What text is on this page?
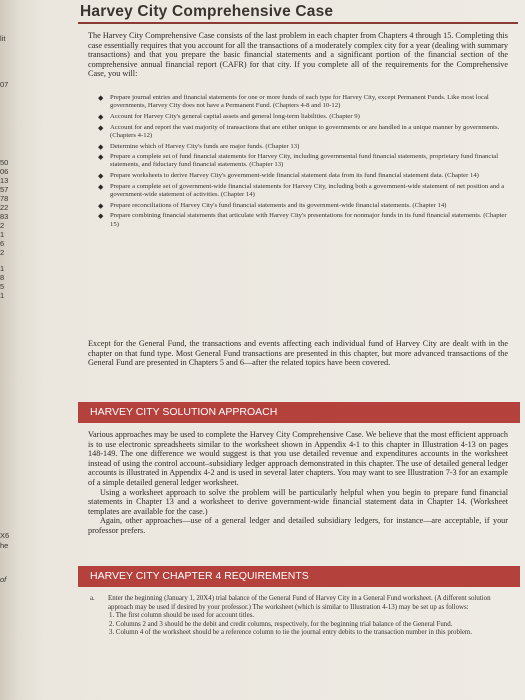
lit
07
50
06
13
57
78
22
83
2
1
6
2
1
8
5
1
X6
he
of
Harvey City Comprehensive Case
The Harvey City Comprehensive Case consists of the last problem in each chapter from Chapters 4 through 15. Completing this case essentially requires that you account for all the transactions of a moderately complex city for a year (dealing with summary transactions) and that you prepare the basic financial statements and a significant portion of the financial section of the comprehensive annual financial report (CAFR) for that city. If you complete all of the requirements for the Comprehensive Case, you will:
◆ Prepare journal entries and financial statements for one or more funds of each type for Harvey City, except Permanent Funds. Like most local governments, Harvey City does not have a Permanent Fund. (Chapters 4-8 and 10-12)
◆ Account for Harvey City's general capital assets and general long-term liabilities. (Chapter 9)
◆ Account for and report the vast majority of transactions that are either unique to governments or are handled in a unique manner by governments. (Chapters 4-12)
◆ Determine which of Harvey City's funds are major funds. (Chapter 13)
◆ Prepare a complete set of fund financial statements for Harvey City, including governmental fund financial statements, proprietary fund financial statements, and fiduciary fund financial statements. (Chapter 13)
◆ Prepare worksheets to derive Harvey City's government-wide financial statement data from its fund financial statement data. (Chapter 14)
◆ Prepare a complete set of government-wide financial statements for Harvey City, including both a government-wide statement of net position and a government-wide statement of activities. (Chapter 14)
◆ Prepare reconciliations of Harvey City's fund financial statements and its government-wide financial statements. (Chapter 14)
◆ Prepare combining financial statements that articulate with Harvey City's presentations for nonmajor funds in its fund financial statements. (Chapter 15)
Except for the General Fund, the transactions and events affecting each individual fund of Harvey City are dealt with in the chapter on that fund type. Most General Fund transactions are presented in this chapter, but more advanced transactions of the General Fund are presented in Chapters 5 and 6—after the related topics have been covered.
HARVEY CITY SOLUTION APPROACH

Various approaches may be used to complete the Harvey City Comprehensive Case. We believe that the most efficient approach is to use electronic spreadsheets similar to the worksheet shown in Appendix 4-1 to this chapter in Illustration 4-13 on pages 148-149. The one difference we would suggest is that you use detailed revenue and expenditures accounts in the worksheet instead of using the control account–subsidiary ledger approach demonstrated in this chapter. The use of detailed general ledger accounts is illustrated in Appendix 4-2 and is used in several later chapters. You may want to see Illustration 7-3 for an example of a simple detailed general ledger worksheet.

Using a worksheet approach to solve the problem will be particularly helpful when you begin to prepare fund financial statements in Chapter 13 and a worksheet to derive government-wide financial statement data in Chapter 14. (Worksheet templates are available for the case.)

Again, other approaches—use of a general ledger and detailed subsidiary ledgers, for instance—are acceptable, if your professor prefers.

HARVEY CITY CHAPTER 4 REQUIREMENTS
a.	Enter the beginning (January 1, 20X4) trial balance of the General Fund of Harvey City in a General Fund worksheet. (A different solution approach may be used if desired by your professor.) The worksheet (which is similar to Illustration 4-13) may be set up as follows:
1. The first column should be used for account titles.
2. Columns 2 and 3 should be the debit and credit columns, respectively, for the beginning trial balance of the General Fund.
3. Column 4 of the worksheet should be a reference column to tie the journal entry debits to the transaction number in this problem.
